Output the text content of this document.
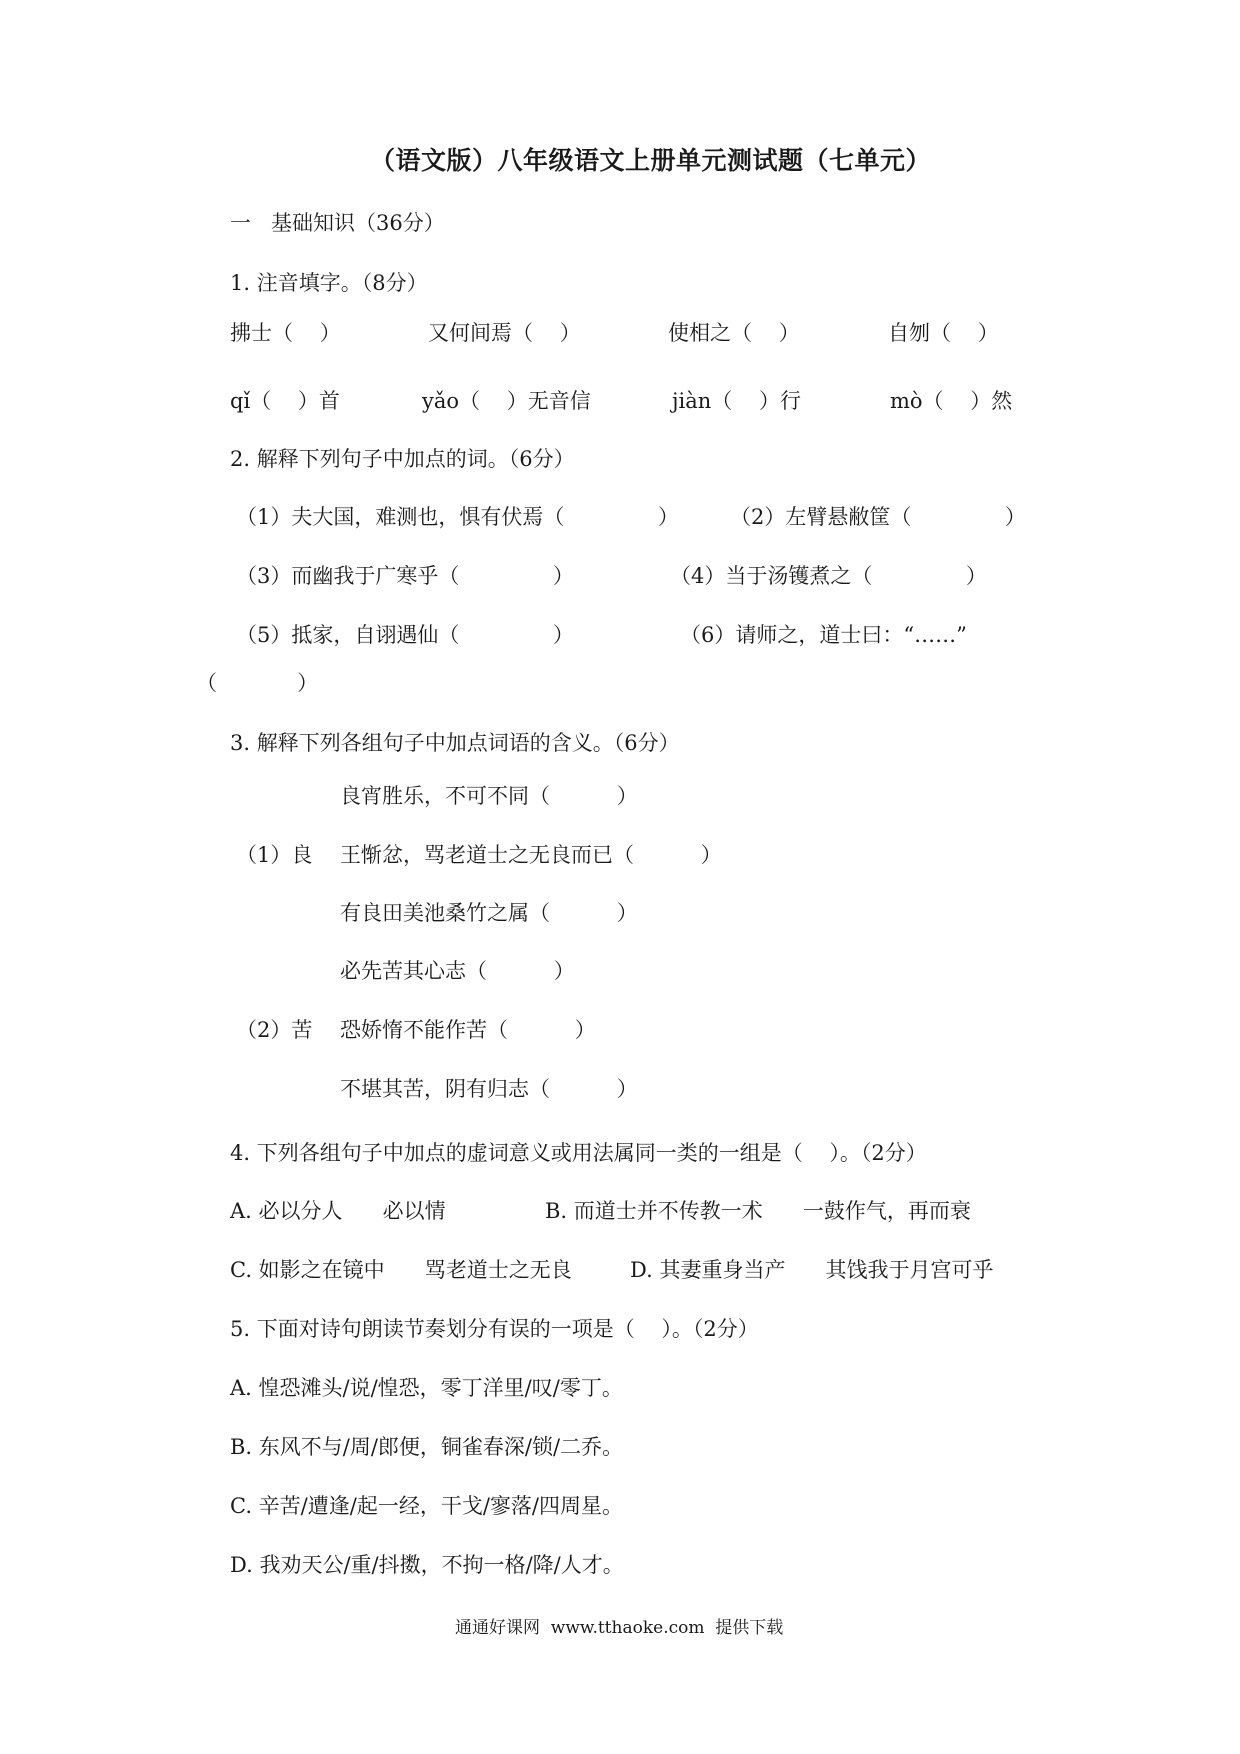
（语文版）八年级语文上册单元测试题（七单元）
一   基础知识（36分）
1. 注音填字。（8分）
拂士（    ）	又何间焉（    ）	使相之（    ）	自刎（    ）
qǐ（    ）首	yǎo（    ）无音信	jiàn（    ）行	mò（    ）然
2. 解释下列句子中加点的词。（6分）
（1）夫大国，难测也，惧有伏焉（              ） （2）左臂悬敝筐（              ）
（3）而幽我于广寒乎（              ）	（4）当于汤镬煮之（              ）
（5）抵家，自诩遇仙（              ）	（6）请师之，道士曰：“……”
（            ）
3. 解释下列各组句子中加点词语的含义。（6分）
良宵胜乐，不可不同（          ）
（1）良 王惭忿，骂老道士之无良而已（          ）
有良田美池桑竹之属（          ）
必先苦其心志（          ）
（2）苦 恐娇惰不能作苦（          ）
不堪其苦，阴有归志（          ）
4. 下列各组句子中加点的虚词意义或用法属同一类的一组是（    ）。（2分）
A. 必以分人      必以情	B. 而道士并不传教一术      一鼓作气，再而衰
C. 如影之在镜中      骂老道士之无良	D. 其妻重身当产      其饯我于月宫可乎
5. 下面对诗句朗读节奏划分有误的一项是（    ）。（2分）
A. 惶恐滩头/说/惶恐，零丁洋里/叹/零丁。
B. 东风不与/周/郎便，铜雀春深/锁/二乔。
C. 辛苦/遭逢/起一经，干戈/寥落/四周星。
D. 我劝天公/重/抖擞，不拘一格/降/人才。
通通好课网  www.tthaoke.com  提供下载
